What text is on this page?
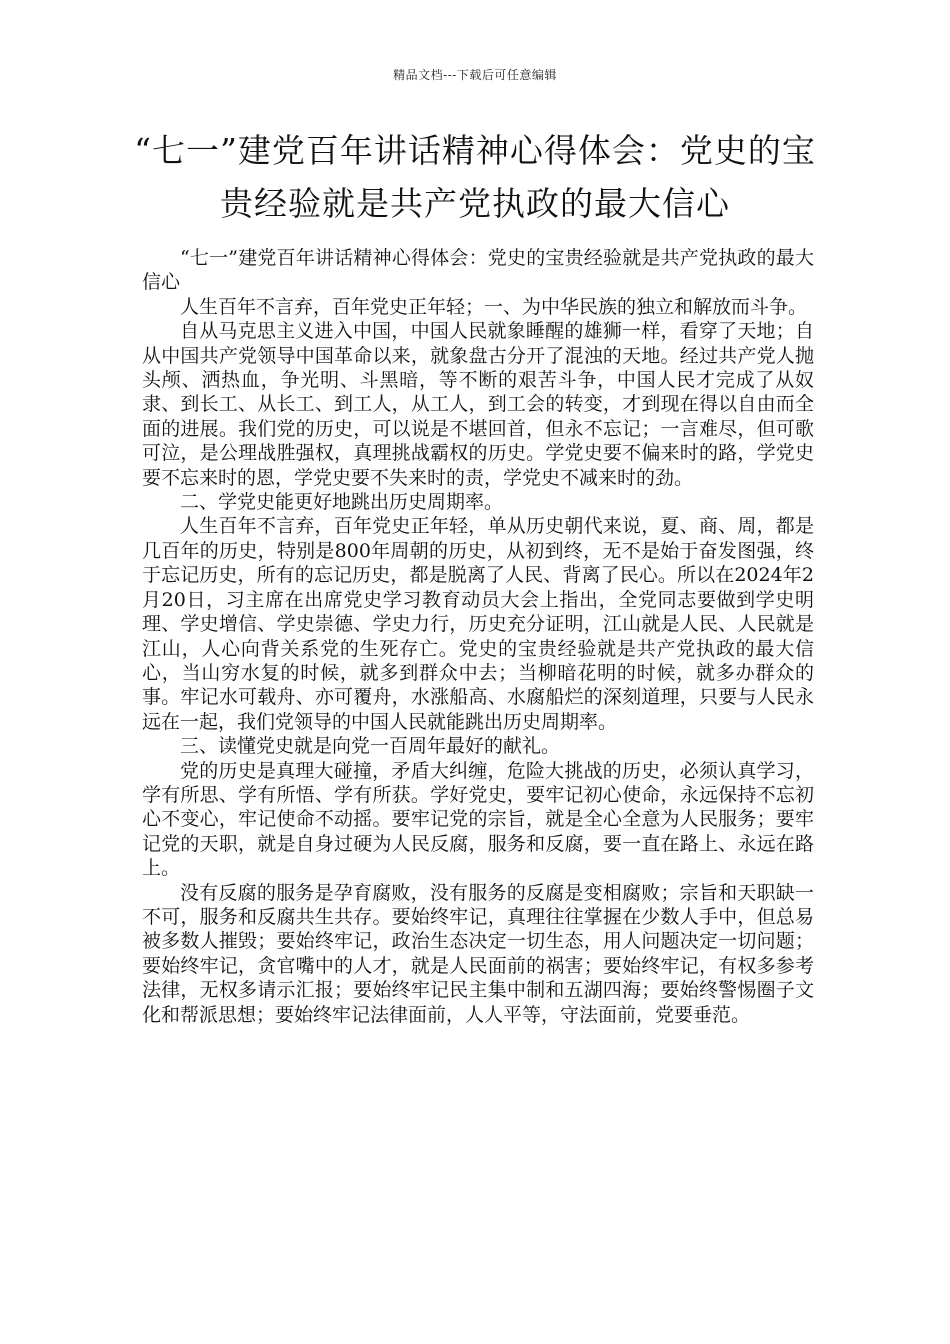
精品文档---下载后可任意编辑
“七一”建党百年讲话精神心得体会：党史的宝贵经验就是共产党执政的最大信心

“七一”建党百年讲话精神心得体会：党史的宝贵经验就是共产党执政的最大信心

人生百年不言弃，百年党史正年轻；一、为中华民族的独立和解放而斗争。

自从马克思主义进入中国，中国人民就象睡醒的雄狮一样，看穿了天地；自从中国共产党领导中国革命以来，就象盘古分开了混浊的天地。经过共产党人抛头颅、洒热血，争光明、斗黑暗，等不断的艰苦斗争，中国人民才完成了从奴隶、到长工、从长工、到工人，从工人，到工会的转变，才到现在得以自由而全面的进展。我们党的历史，可以说是不堪回首，但永不忘记；一言难尽，但可歌可泣，是公理战胜强权，真理挑战霸权的历史。学党史要不偏来时的路，学党史要不忘来时的恩，学党史要不失来时的责，学党史不减来时的劲。

二、学党史能更好地跳出历史周期率。

人生百年不言弃，百年党史正年轻，单从历史朝代来说，夏、商、周，都是几百年的历史，特别是800年周朝的历史，从初到终，无不是始于奋发图强，终于忘记历史，所有的忘记历史，都是脱离了人民、背离了民心。所以在2024年2月20日，习主席在出席党史学习教育动员大会上指出，全党同志要做到学史明理、学史增信、学史崇德、学史力行，历史充分证明，江山就是人民、人民就是江山，人心向背关系党的生死存亡。党史的宝贵经验就是共产党执政的最大信心，当山穷水复的时候，就多到群众中去；当柳暗花明的时候，就多办群众的事。牢记水可载舟、亦可覆舟，水涨船高、水腐船烂的深刻道理，只要与人民永远在一起，我们党领导的中国人民就能跳出历史周期率。

三、读懂党史就是向党一百周年最好的献礼。

党的历史是真理大碰撞，矛盾大纠缠，危险大挑战的历史，必须认真学习，学有所思、学有所悟、学有所获。学好党史，要牢记初心使命，永远保持不忘初心不变心，牢记使命不动摇。要牢记党的宗旨，就是全心全意为人民服务；要牢记党的天职，就是自身过硬为人民反腐，服务和反腐，要一直在路上、永远在路上。

没有反腐的服务是孕育腐败，没有服务的反腐是变相腐败；宗旨和天职缺一不可，服务和反腐共生共存。要始终牢记，真理往往掌握在少数人手中，但总易被多数人摧毁；要始终牢记，政治生态决定一切生态，用人问题决定一切问题；要始终牢记，贪官嘴中的人才，就是人民面前的祸害；要始终牢记，有权多参考法律，无权多请示汇报；要始终牢记民主集中制和五湖四海；要始终警惕圈子文化和帮派思想；要始终牢记法律面前，人人平等，守法面前，党要垂范。
